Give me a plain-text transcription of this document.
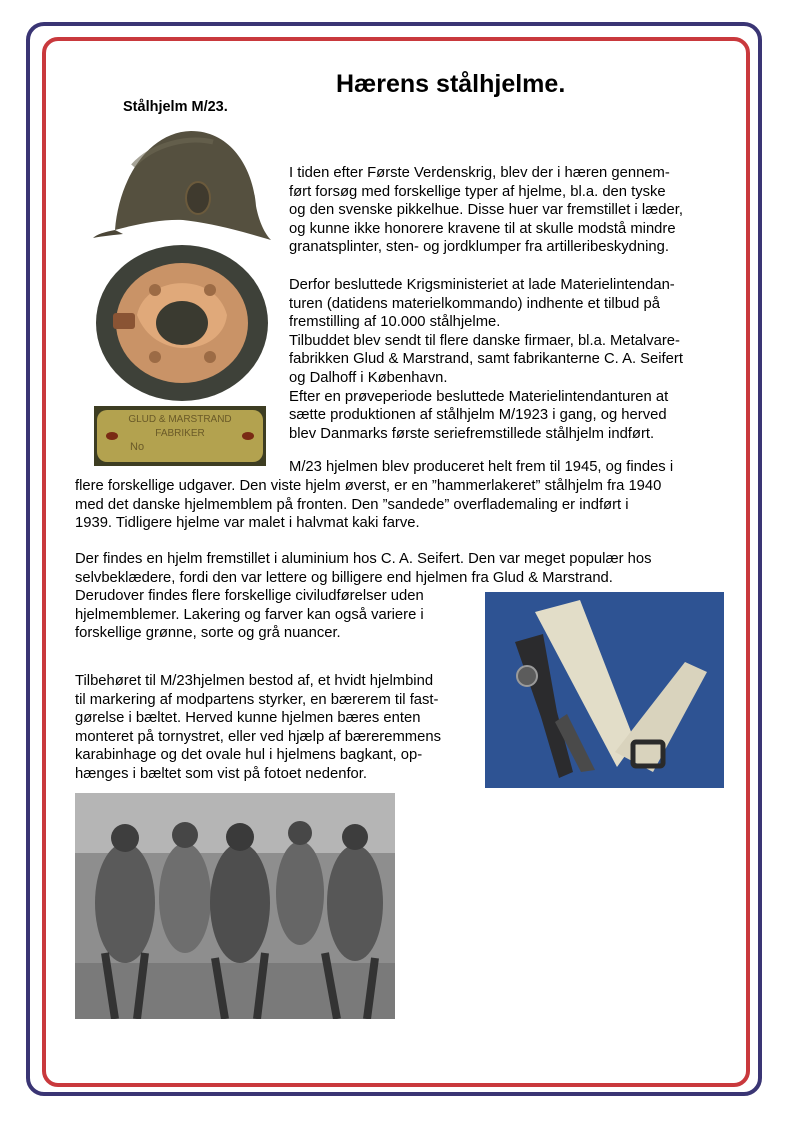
Hærens stålhjelme.
Stålhjelm M/23.
GLUD & MARSTRAND
FABRIKER
No

I tiden efter Første Verdenskrig, blev der i hæren gennem-
ført forsøg med forskellige typer af hjelme, bl.a. den tyske
og den svenske pikkelhue. Disse huer var fremstillet i læder,
og kunne ikke honorere kravene til at skulle modstå mindre
granatsplinter, sten- og jordklumper fra artilleribeskydning.

Derfor besluttede Krigsministeriet at lade Materielintendan-
turen (datidens materielkommando) indhente et tilbud på
fremstilling af 10.000 stålhjelme.
Tilbuddet blev sendt til flere danske firmaer, bl.a. Metalvare-
fabrikken Glud & Marstrand, samt fabrikanterne C. A. Seifert
og Dalhoff i København.
Efter en prøveperiode besluttede Materielintendanturen at
sætte produktionen af stålhjelm M/1923 i gang, og herved
blev Danmarks første seriefremstillede stålhjelm indført.

M/23 hjelmen blev produceret helt frem til 1945, og findes i

flere forskellige udgaver. Den viste hjelm øverst, er en ”hammerlakeret” stålhjelm fra 1940
med det danske hjelmemblem på fronten. Den ”sandede” overflademaling er indført i
1939. Tidligere hjelme var malet i halvmat kaki farve.

Der findes en hjelm fremstillet i aluminium hos C. A. Seifert. Den var meget populær hos
selvbeklædere, fordi den var lettere og billigere end hjelmen fra Glud & Marstrand.

Derudover findes flere forskellige civiludførelser uden
hjelmemblemer. Lakering og farver kan også variere i
forskellige grønne, sorte og grå nuancer.

Tilbehøret til M/23hjelmen bestod af, et hvidt hjelmbind
til markering af modpartens styrker, en bærerem til fast-
gørelse i bæltet. Herved kunne hjelmen bæres enten
monteret på tornystret, eller ved hjælp af bæreremmens
karabinhage og det ovale hul i hjelmens bagkant, op-
hænges i bæltet som vist på fotoet nedenfor.
